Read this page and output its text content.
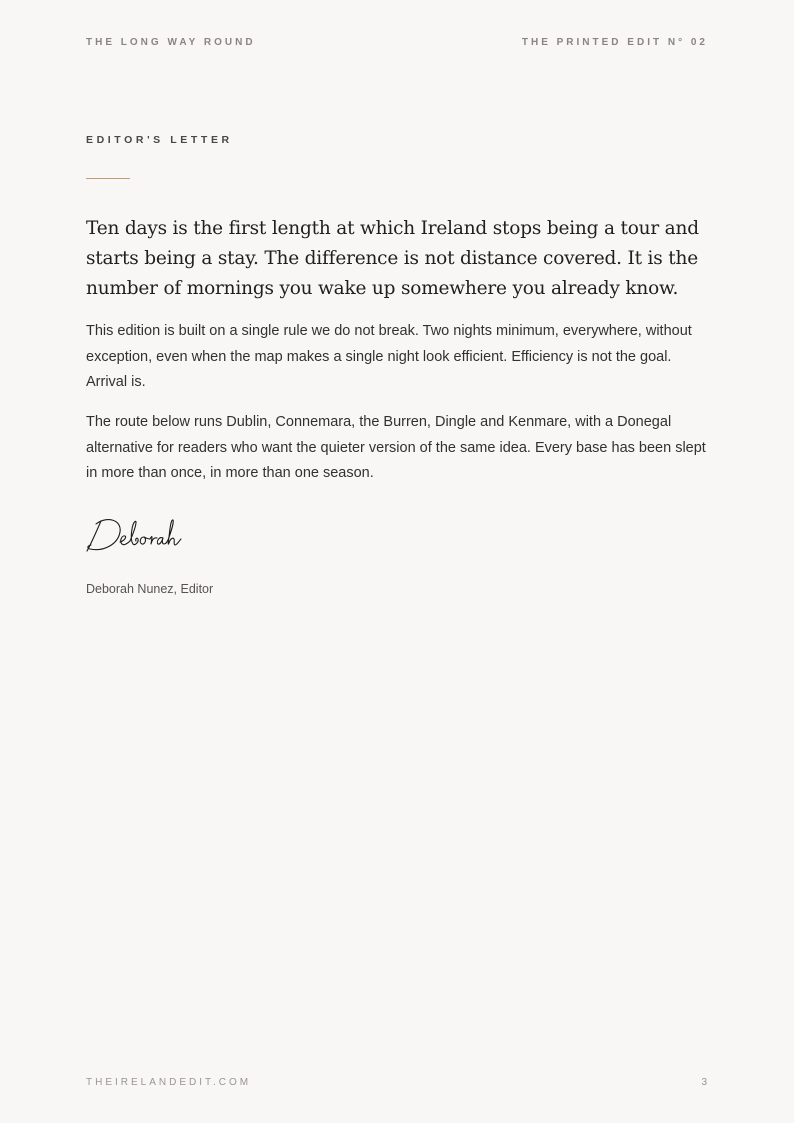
THE LONG WAY ROUND	THE PRINTED EDIT N° 02
EDITOR'S LETTER

Ten days is the first length at which Ireland stops being a tour and starts being a stay. The difference is not distance covered. It is the number of mornings you wake up somewhere you already know.

This edition is built on a single rule we do not break. Two nights minimum, everywhere, without exception, even when the map makes a single night look efficient. Efficiency is not the goal. Arrival is.

The route below runs Dublin, Connemara, the Burren, Dingle and Kenmare, with a Donegal alternative for readers who want the quieter version of the same idea. Every base has been slept in more than once, in more than one season.

Deborah Nunez, Editor
THEIRELANDEDIT.COM	3
